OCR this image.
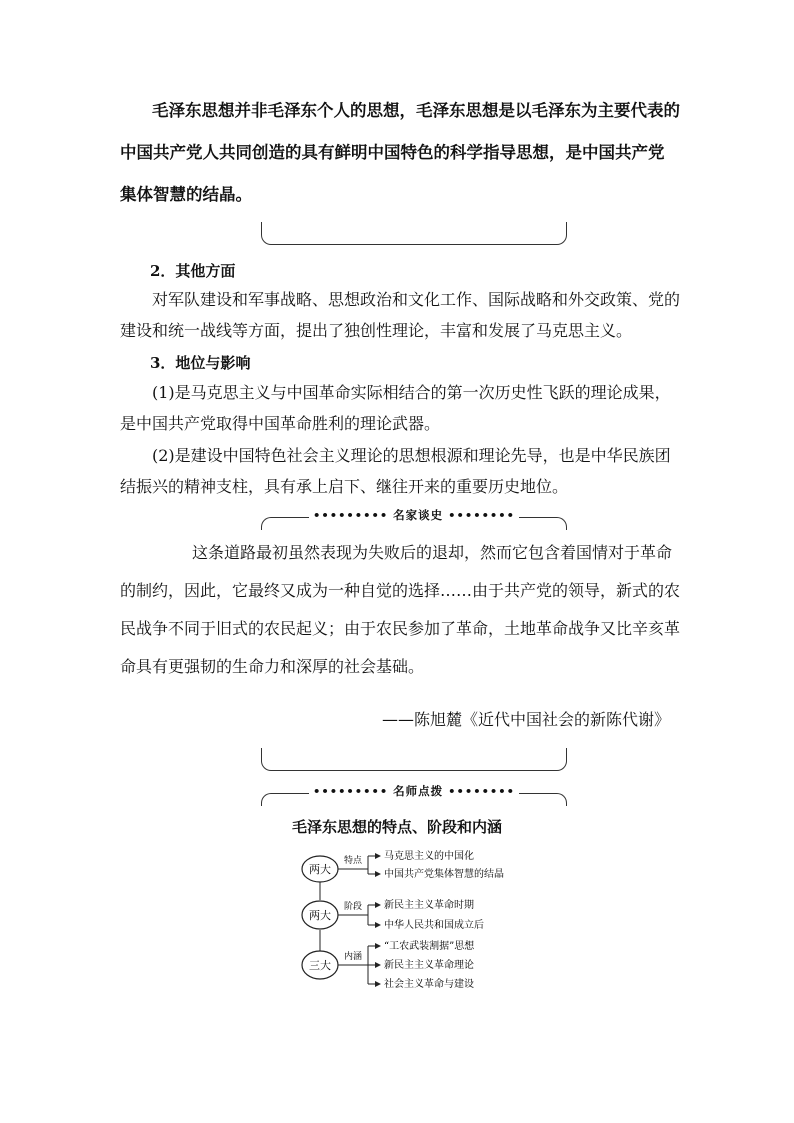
毛泽东思想并非毛泽东个人的思想，毛泽东思想是以毛泽东为主要代表的中国共产党人共同创造的具有鲜明中国特色的科学指导思想，是中国共产党集体智慧的结晶。

2．其他方面

对军队建设和军事战略、思想政治和文化工作、国际战略和外交政策、党的建设和统一战线等方面，提出了独创性理论，丰富和发展了马克思主义。

3．地位与影响

(1)是马克思主义与中国革命实际相结合的第一次历史性飞跃的理论成果，是中国共产党取得中国革命胜利的理论武器。

(2)是建设中国特色社会主义理论的思想根源和理论先导，也是中华民族团结振兴的精神支柱，具有承上启下、继往开来的重要历史地位。

••••••••• 名家谈史 ••••••••

这条道路最初虽然表现为失败后的退却，然而它包含着国情对于革命的制约，因此，它最终又成为一种自觉的选择……由于共产党的领导，新式的农民战争不同于旧式的农民起义；由于农民参加了革命，土地革命战争又比辛亥革命具有更强韧的生命力和深厚的社会基础。

——陈旭麓《近代中国社会的新陈代谢》

••••••••• 名师点拨 ••••••••

毛泽东思想的特点、阶段和内涵

两大
特点 马克思主义的中国化
中国共产党集体智慧的结晶
两大
阶段 新民主主义革命时期
中华人民共和国成立后
三大
内涵
“工农武装割据”思想
新民主主义革命理论
社会主义革命与建设
